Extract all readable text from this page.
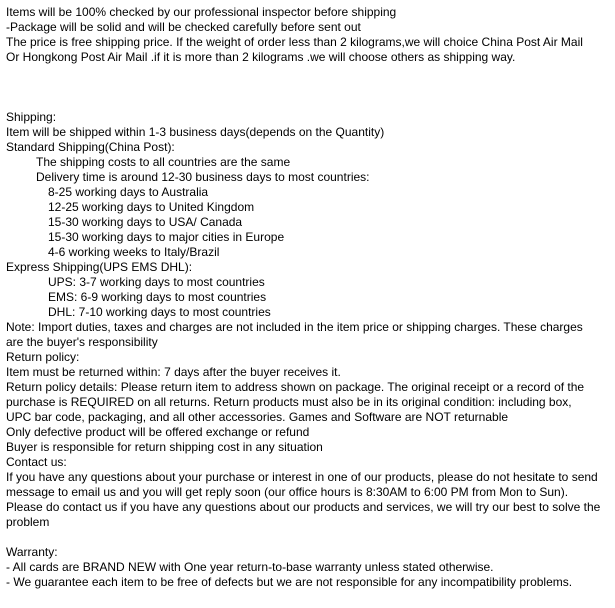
Items will be 100% checked by our professional inspector before shipping
-Package will be solid and will be checked carefully before sent out
The price is free shipping price. If the weight of order less than 2 kilograms,we will choice China Post Air Mail
Or Hongkong Post Air Mail .if it is more than 2 kilograms .we will choose others as shipping way.
Shipping:
Item will be shipped within 1-3 business days(depends on the Quantity)
Standard Shipping(China Post):
The shipping costs to all countries are the same
Delivery time is around 12-30 business days to most countries:
8-25 working days to Australia
12-25 working days to United Kingdom
15-30 working days to USA/ Canada
15-30 working days to major cities in Europe
4-6 working weeks to Italy/Brazil
Express Shipping(UPS EMS DHL):
UPS: 3-7 working days to most countries
EMS: 6-9 working days to most countries
DHL: 7-10 working days to most countries
Note: Import duties, taxes and charges are not included in the item price or shipping charges. These charges
are the buyer's responsibility
Return policy:
Item must be returned within: 7 days after the buyer receives it.
Return policy details: Please return item to address shown on package. The original receipt or a record of the
purchase is REQUIRED on all returns. Return products must also be in its original condition: including box,
UPC bar code, packaging, and all other accessories. Games and Software are NOT returnable
Only defective product will be offered exchange or refund
Buyer is responsible for return shipping cost in any situation
Contact us:
If you have any questions about your purchase or interest in one of our products, please do not hesitate to send
message to email us and you will get reply soon (our office hours is 8:30AM to 6:00 PM from Mon to Sun).
Please do contact us if you have any questions about our products and services, we will try our best to solve the
problem
Warranty:
- All cards are BRAND NEW with One year return-to-base warranty unless stated otherwise.
- We guarantee each item to be free of defects but we are not responsible for any incompatibility problems.
